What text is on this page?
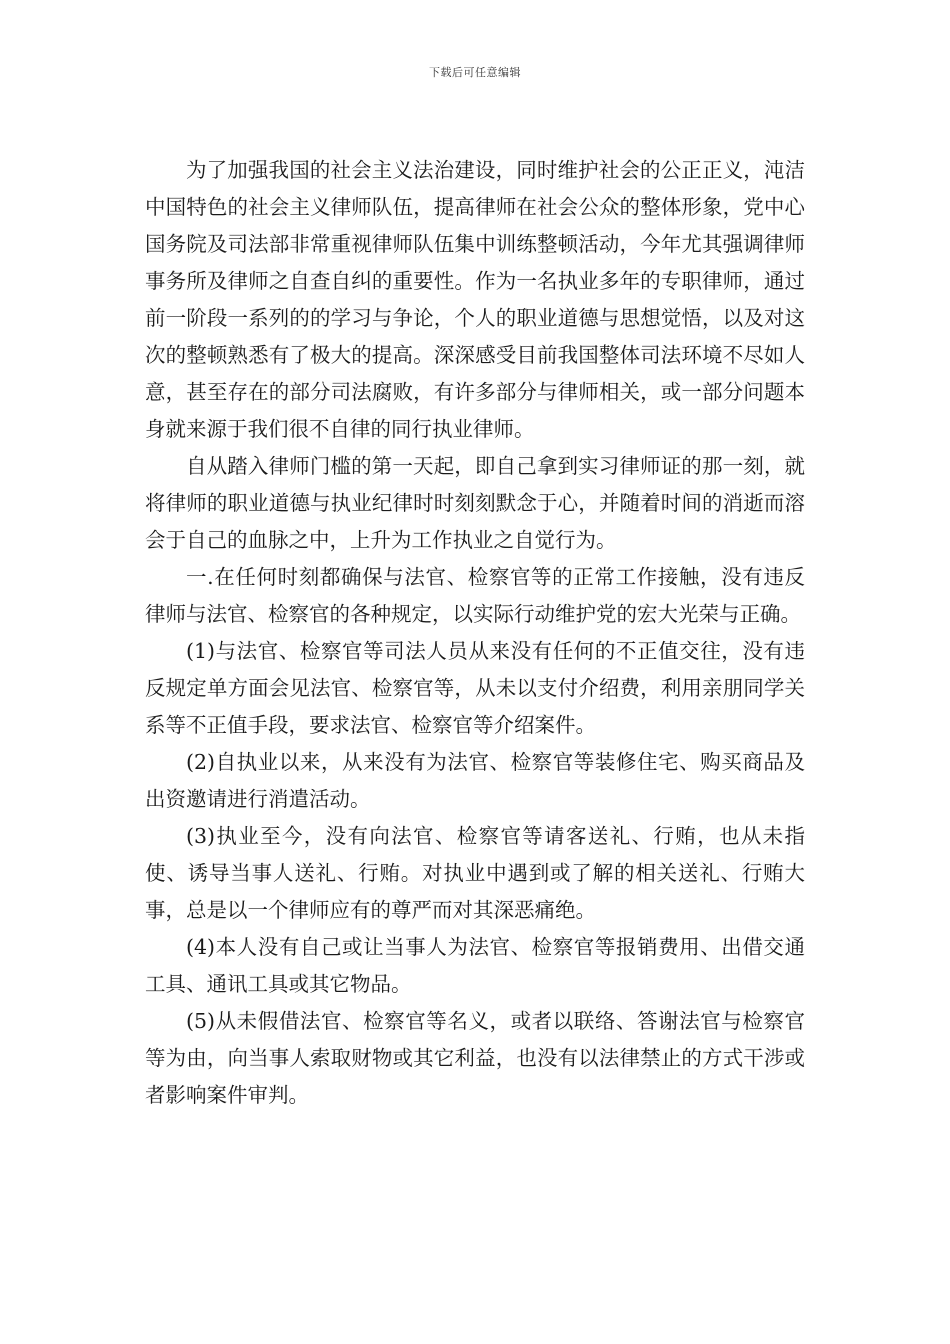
下载后可任意编辑

为了加强我国的社会主义法治建设，同时维护社会的公正正义，沌洁中国特色的社会主义律师队伍，提高律师在社会公众的整体形象，党中心国务院及司法部非常重视律师队伍集中训练整顿活动，今年尤其强调律师事务所及律师之自查自纠的重要性。作为一名执业多年的专职律师，通过前一阶段一系列的的学习与争论，个人的职业道德与思想觉悟，以及对这次的整顿熟悉有了极大的提高。深深感受目前我国整体司法环境不尽如人意，甚至存在的部分司法腐败，有许多部分与律师相关，或一部分问题本身就来源于我们很不自律的同行执业律师。

自从踏入律师门槛的第一天起，即自己拿到实习律师证的那一刻，就将律师的职业道德与执业纪律时时刻刻默念于心，并随着时间的消逝而溶会于自己的血脉之中，上升为工作执业之自觉行为。

一.在任何时刻都确保与法官、检察官等的正常工作接触，没有违反律师与法官、检察官的各种规定，以实际行动维护党的宏大光荣与正确。

(1)与法官、检察官等司法人员从来没有任何的不正值交往，没有违反规定单方面会见法官、检察官等，从未以支付介绍费，利用亲朋同学关系等不正值手段，要求法官、检察官等介绍案件。

(2)自执业以来，从来没有为法官、检察官等装修住宅、购买商品及出资邀请进行消遣活动。

(3)执业至今，没有向法官、检察官等请客送礼、行贿，也从未指使、诱导当事人送礼、行贿。对执业中遇到或了解的相关送礼、行贿大事，总是以一个律师应有的尊严而对其深恶痛绝。

(4)本人没有自己或让当事人为法官、检察官等报销费用、出借交通工具、通讯工具或其它物品。

(5)从未假借法官、检察官等名义，或者以联络、答谢法官与检察官等为由，向当事人索取财物或其它利益，也没有以法律禁止的方式干涉或者影响案件审判。
